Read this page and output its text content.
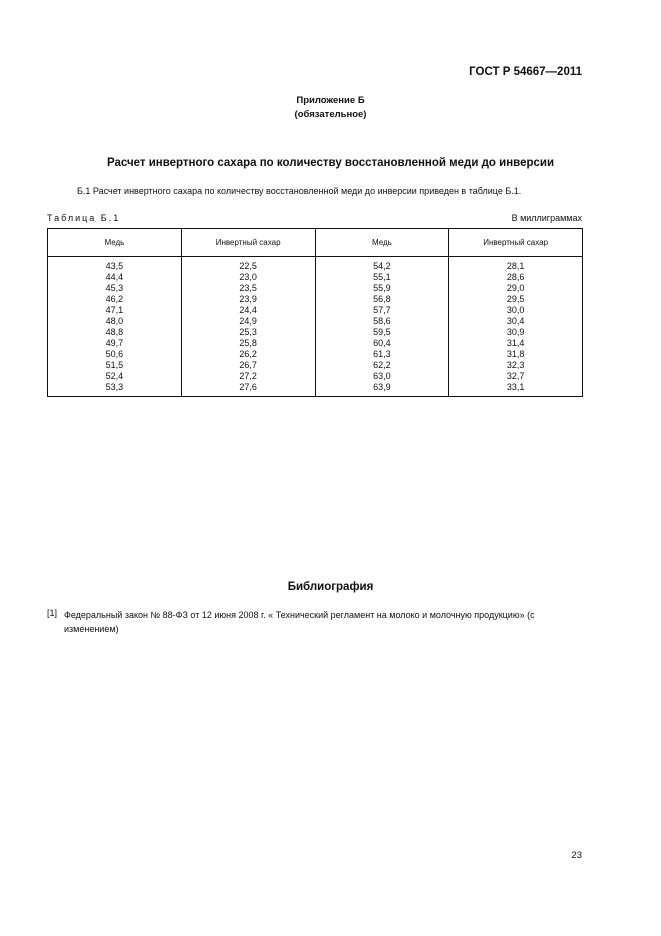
ГОСТ Р 54667—2011
Приложение Б
(обязательное)
Расчет инвертного сахара по количеству восстановленной меди до инверсии
Б.1 Расчет инвертного сахара по количеству восстановленной меди до инверсии приведен в таблице Б.1.
Таблица Б.1	В миллиграммах
Медь	Инвертный сахар	Медь	Инвертный сахар
43,5	22,5	54,2	28,1
44,4	23,0	55,1	28,6
45,3	23,5	55,9	29,0
46,2	23,9	56,8	29,5
47,1	24,4	57,7	30,0
48,0	24,9	58,6	30,4
48,8	25,3	59,5	30,9
49,7	25,8	60,4	31,4
50,6	26,2	61,3	31,8
51,5	26,7	62,2	32,3
52,4	27,2	63,0	32,7
53,3	27,6	63,9	33,1
Библиография
[1] Федеральный закон № 88-ФЗ от 12 июня 2008 г. « Технический регламент на молоко и молочную продукцию» (с изменением)
23
